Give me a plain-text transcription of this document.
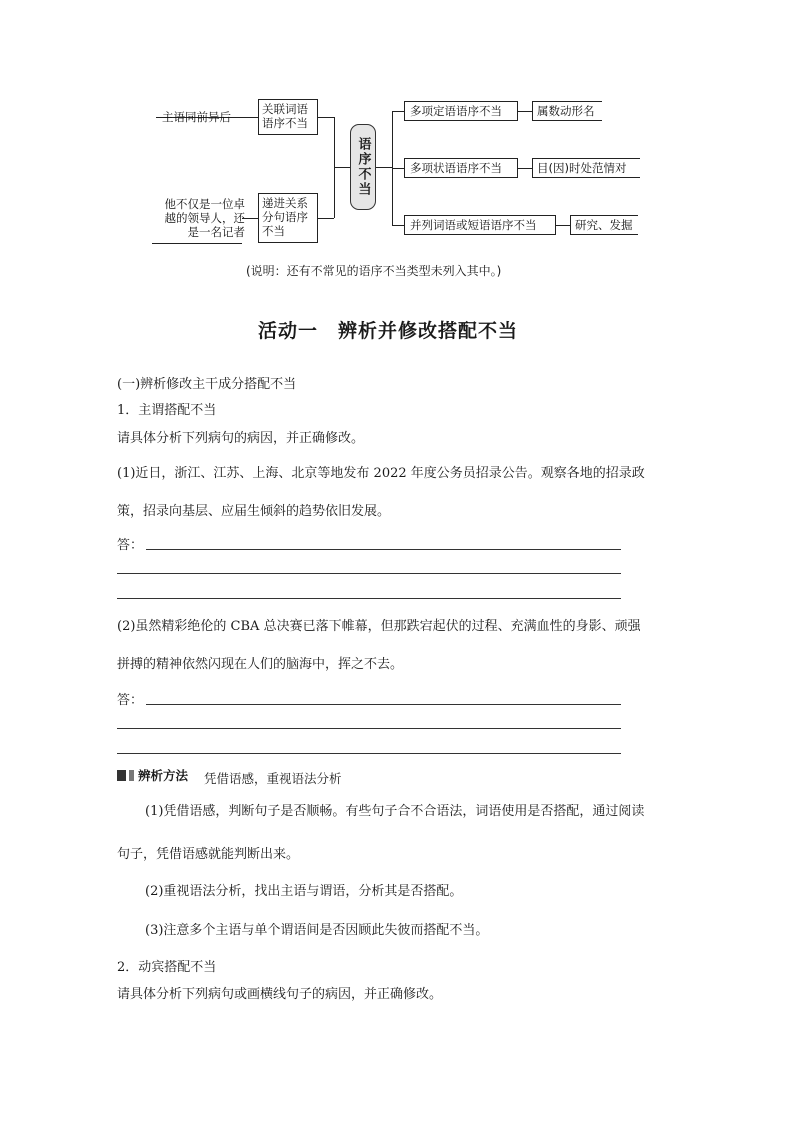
主语同前异后
关联词语语序不当
他不仅是一位卓越的领导人，还是一名记者
递进关系分句语序不当
语序不当
多项定语语序不当	属数动形名
多项状语语序不当	目(因)时处范情对
并列词语或短语语序不当	研究、发掘
(说明：还有不常见的语序不当类型未列入其中。)
活动一　辨析并修改搭配不当
(一)辨析修改主干成分搭配不当
1．主谓搭配不当
请具体分析下列病句的病因，并正确修改。
(1)近日，浙江、江苏、上海、北京等地发布 2022 年度公务员招录公告。观察各地的招录政
策，招录向基层、应届生倾斜的趋势依旧发展。
答：
(2)虽然精彩绝伦的 CBA 总决赛已落下帷幕，但那跌宕起伏的过程、充满血性的身影、顽强
拼搏的精神依然闪现在人们的脑海中，挥之不去。
答：
辨析方法 凭借语感，重视语法分析
(1)凭借语感，判断句子是否顺畅。有些句子合不合语法，词语使用是否搭配，通过阅读
句子，凭借语感就能判断出来。
(2)重视语法分析，找出主语与谓语，分析其是否搭配。
(3)注意多个主语与单个谓语间是否因顾此失彼而搭配不当。
2．动宾搭配不当
请具体分析下列病句或画横线句子的病因，并正确修改。
